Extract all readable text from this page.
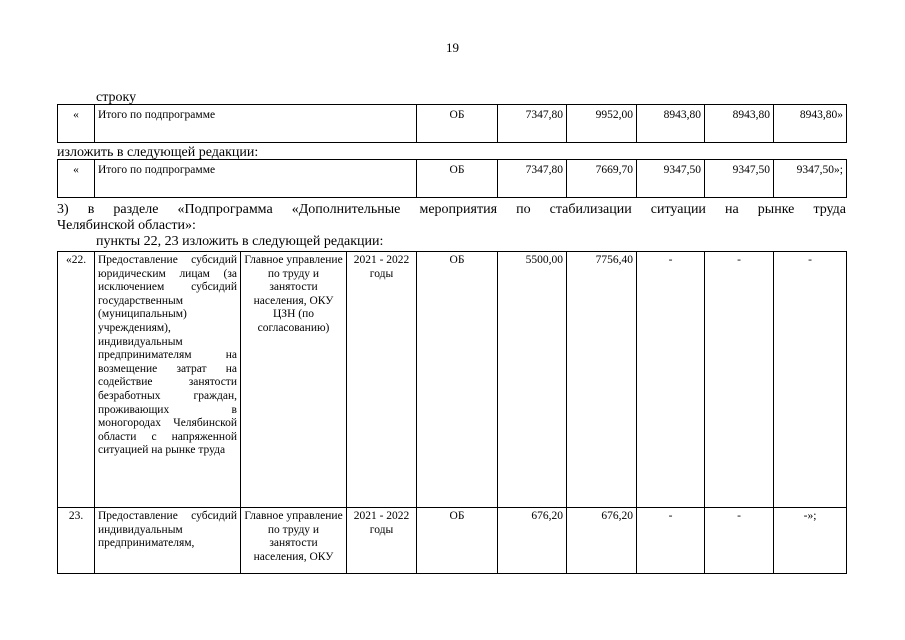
19
строку
«	Итого по подпрограмме	ОБ	7347,80	9952,00	8943,80	8943,80	8943,80»
изложить в следующей редакции:
«	Итого по подпрограмме	ОБ	7347,80	7669,70	9347,50	9347,50	9347,50»;
3) в разделе «Подпрограмма «Дополнительные мероприятия по стабилизации ситуации на рынке труда
Челябинской области»:
пункты 22, 23 изложить в следующей редакции:
«22.	Предоставление субсидий юридическим лицам (за исключением субсидий государственным (муниципальным) учреждениям), индивидуальным предпринимателям на возмещение затрат на содействие занятости безработных граждан, проживающих в моногородах Челябинской области с напряженной ситуацией на рынке труда	Главное управление по труду и занятости населения, ОКУ ЦЗН (по согласованию)	2021 - 2022 годы	ОБ	5500,00	7756,40	-	-	-
23.	Предоставление субсидий индивидуальным предпринимателям,	Главное управление по труду и занятости населения, ОКУ	2021 - 2022 годы	ОБ	676,20	676,20	-	-	-»;
